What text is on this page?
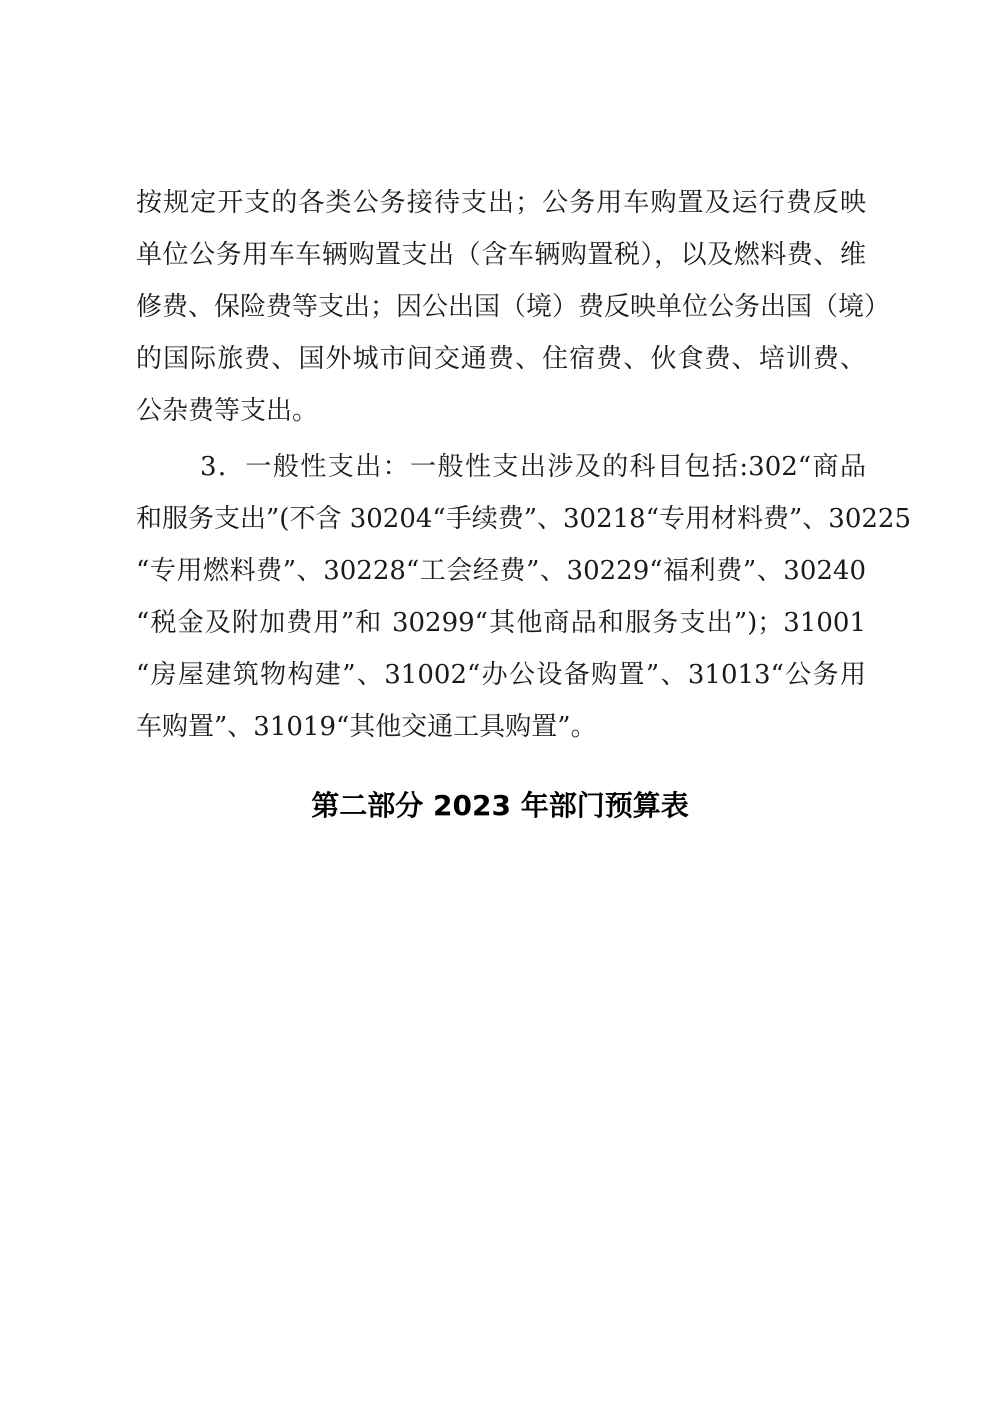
按规定开支的各类公务接待支出；公务用车购置及运行费反映
单位公务用车车辆购置支出（含车辆购置税），以及燃料费、维
修费、保险费等支出；因公出国（境）费反映单位公务出国（境）
的国际旅费、国外城市间交通费、住宿费、伙食费、培训费、
公杂费等支出。
3．一般性支出：一般性支出涉及的科目包括:302“商品
和服务支出”(不含 30204“手续费”、30218“专用材料费”、30225
“专用燃料费”、30228“工会经费”、30229“福利费”、30240
“税金及附加费用”和 30299“其他商品和服务支出”)；31001
“房屋建筑物构建”、31002“办公设备购置”、31013“公务用
车购置”、31019“其他交通工具购置”。
第二部分 2023 年部门预算表
